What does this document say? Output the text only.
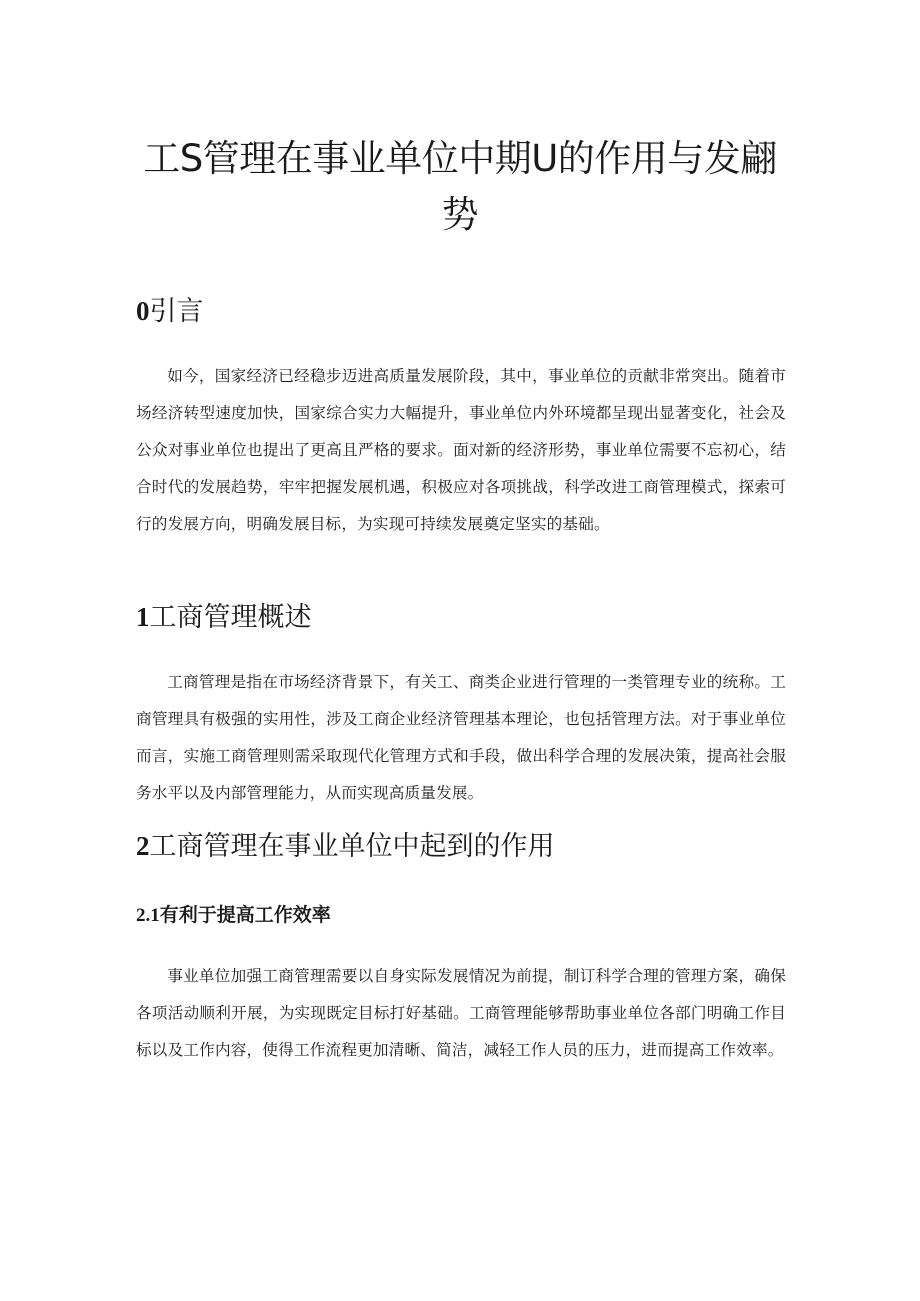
工S管理在事业单位中期U的作用与发翩
势
0引言

如今，国家经济已经稳步迈进高质量发展阶段，其中，事业单位的贡献非常突出。随着市场经济转型速度加快，国家综合实力大幅提升，事业单位内外环境都呈现出显著变化，社会及公众对事业单位也提出了更高且严格的要求。面对新的经济形势，事业单位需要不忘初心，结合时代的发展趋势，牢牢把握发展机遇，积极应对各项挑战，科学改进工商管理模式，探索可行的发展方向，明确发展目标，为实现可持续发展奠定坚实的基础。

1工商管理概述

工商管理是指在市场经济背景下，有关工、商类企业进行管理的一类管理专业的统称。工商管理具有极强的实用性，涉及工商企业经济管理基本理论，也包括管理方法。对于事业单位而言，实施工商管理则需采取现代化管理方式和手段，做出科学合理的发展决策，提高社会服务水平以及内部管理能力，从而实现高质量发展。

2工商管理在事业单位中起到的作用
2.1有利于提高工作效率

事业单位加强工商管理需要以自身实际发展情况为前提，制订科学合理的管理方案，确保各项活动顺利开展，为实现既定目标打好基础。工商管理能够帮助事业单位各部门明确工作目标以及工作内容，使得工作流程更加清晰、简洁，减轻工作人员的压力，进而提高工作效率。
